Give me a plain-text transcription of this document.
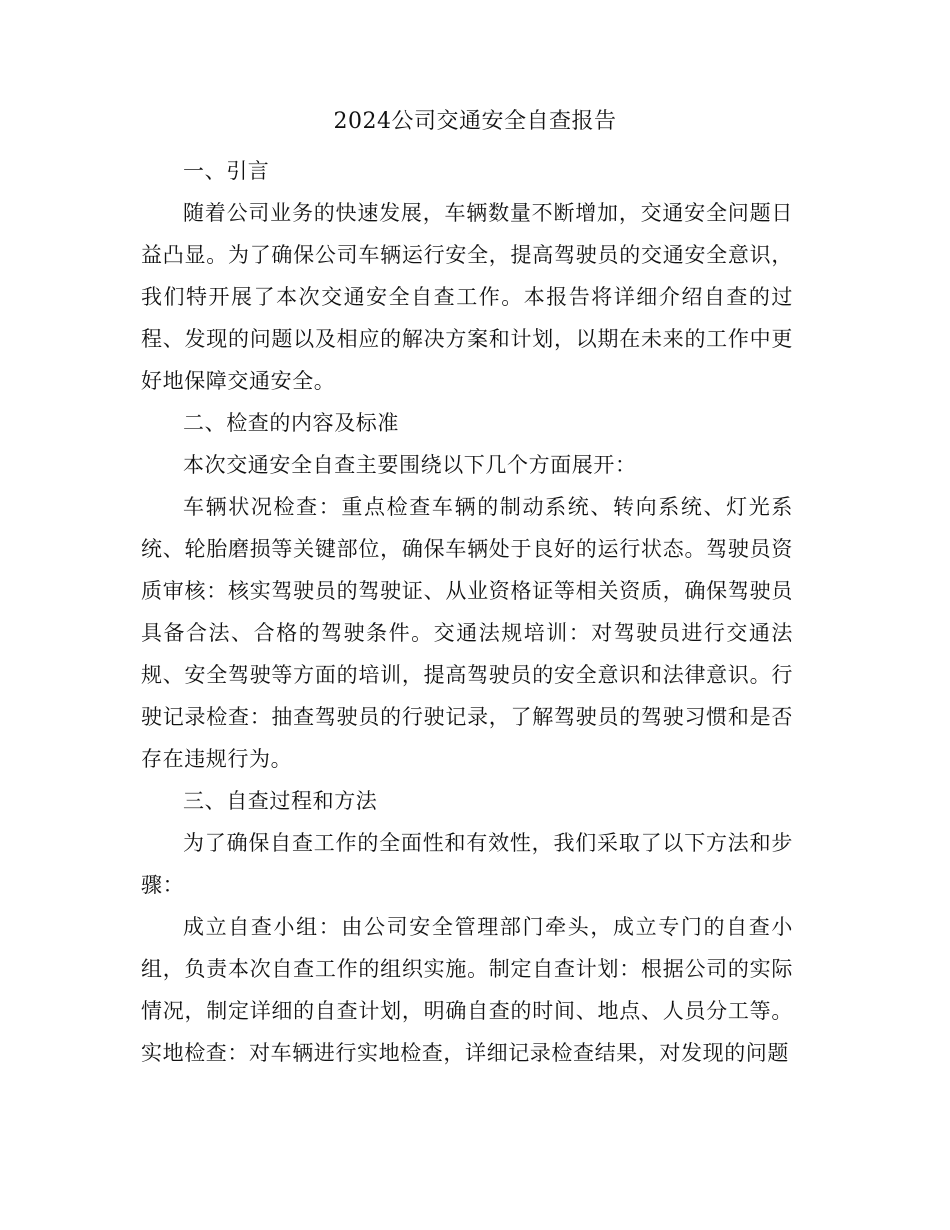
2024公司交通安全自查报告

一、引言

随着公司业务的快速发展，车辆数量不断增加，交通安全问题日益凸显。为了确保公司车辆运行安全，提高驾驶员的交通安全意识，我们特开展了本次交通安全自查工作。本报告将详细介绍自查的过程、发现的问题以及相应的解决方案和计划，以期在未来的工作中更好地保障交通安全。

二、检查的内容及标准

本次交通安全自查主要围绕以下几个方面展开：

车辆状况检查：重点检查车辆的制动系统、转向系统、灯光系统、轮胎磨损等关键部位，确保车辆处于良好的运行状态。驾驶员资质审核：核实驾驶员的驾驶证、从业资格证等相关资质，确保驾驶员具备合法、合格的驾驶条件。交通法规培训：对驾驶员进行交通法规、安全驾驶等方面的培训，提高驾驶员的安全意识和法律意识。行驶记录检查：抽查驾驶员的行驶记录，了解驾驶员的驾驶习惯和是否存在违规行为。

三、自查过程和方法

为了确保自查工作的全面性和有效性，我们采取了以下方法和步骤：

成立自查小组：由公司安全管理部门牵头，成立专门的自查小组，负责本次自查工作的组织实施。制定自查计划：根据公司的实际情况，制定详细的自查计划，明确自查的时间、地点、人员分工等。实地检查：对车辆进行实地检查，详细记录检查结果，对发现的问题
